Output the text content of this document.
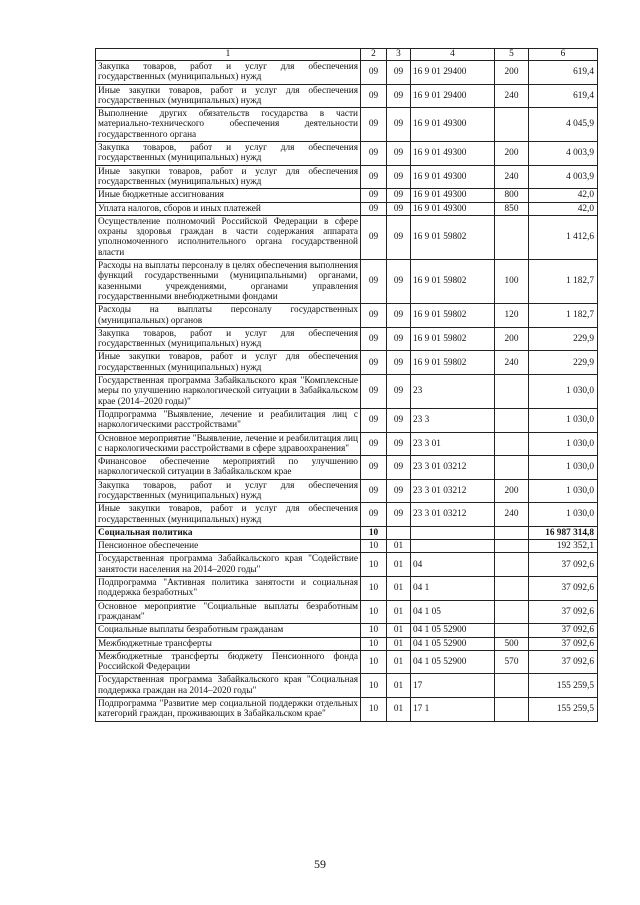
1	2	3	4	5	6
Закупка товаров, работ и услуг для обеспечения государственных (муниципальных) нужд	09	09	16 9 01 29400	200	619,4
Иные закупки товаров, работ и услуг для обеспечения государственных (муниципальных) нужд	09	09	16 9 01 29400	240	619,4
Выполнение других обязательств государства в части материально-технического обеспечения деятельности государственного органа	09	09	16 9 01 49300		4 045,9
Закупка товаров, работ и услуг для обеспечения государственных (муниципальных) нужд	09	09	16 9 01 49300	200	4 003,9
Иные закупки товаров, работ и услуг для обеспечения государственных (муниципальных) нужд	09	09	16 9 01 49300	240	4 003,9
Иные бюджетные ассигнования	09	09	16 9 01 49300	800	42,0
Уплата налогов, сборов и иных платежей	09	09	16 9 01 49300	850	42,0
Осуществление полномочий Российской Федерации в сфере охраны здоровья граждан в части содержания аппарата уполномоченного исполнительного органа государственной власти	09	09	16 9 01 59802		1 412,6
Расходы на выплаты персоналу в целях обеспечения выполнения функций государственными (муниципальными) органами, казенными учреждениями, органами управления государственными внебюджетными фондами	09	09	16 9 01 59802	100	1 182,7
Расходы на выплаты персоналу государственных (муниципальных) органов	09	09	16 9 01 59802	120	1 182,7
Закупка товаров, работ и услуг для обеспечения государственных (муниципальных) нужд	09	09	16 9 01 59802	200	229,9
Иные закупки товаров, работ и услуг для обеспечения государственных (муниципальных) нужд	09	09	16 9 01 59802	240	229,9
Государственная программа Забайкальского края "Комплексные меры по улучшению наркологической ситуации в Забайкальском крае (2014–2020 годы)"	09	09	23		1 030,0
Подпрограмма "Выявление, лечение и реабилитация лиц с наркологическими расстройствами"	09	09	23 3		1 030,0
Основное мероприятие "Выявление, лечение и реабилитация лиц с наркологическими расстройствами в сфере здравоохранения"	09	09	23 3 01		1 030,0
Финансовое обеспечение мероприятий по улучшению наркологической ситуации в Забайкальском крае	09	09	23 3 01 03212		1 030,0
Закупка товаров, работ и услуг для обеспечения государственных (муниципальных) нужд	09	09	23 3 01 03212	200	1 030,0
Иные закупки товаров, работ и услуг для обеспечения государственных (муниципальных) нужд	09	09	23 3 01 03212	240	1 030,0
Социальная политика	10				16 987 314,8
Пенсионное обеспечение	10	01			192 352,1
Государственная программа Забайкальского края "Содействие занятости населения на 2014–2020 годы"	10	01	04		37 092,6
Подпрограмма "Активная политика занятости и социальная поддержка безработных"	10	01	04 1		37 092,6
Основное мероприятие "Социальные выплаты безработным гражданам"	10	01	04 1 05		37 092,6
Социальные выплаты безработным гражданам	10	01	04 1 05 52900		37 092,6
Межбюджетные трансферты	10	01	04 1 05 52900	500	37 092,6
Межбюджетные трансферты бюджету Пенсионного фонда Российской Федерации	10	01	04 1 05 52900	570	37 092,6
Государственная программа Забайкальского края "Социальная поддержка граждан на 2014–2020 годы"	10	01	17		155 259,5
Подпрограмма "Развитие мер социальной поддержки отдельных категорий граждан, проживающих в Забайкальском крае"	10	01	17 1		155 259,5
59
